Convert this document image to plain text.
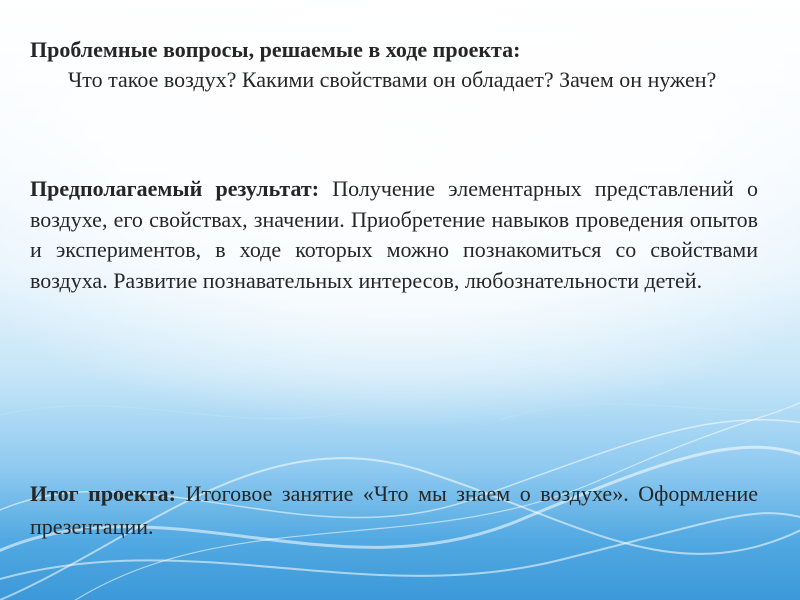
Проблемные вопросы, решаемые в ходе проекта:
Что такое воздух? Какими свойствами он обладает? Зачем он нужен?
Предполагаемый результат: Получение элементарных представлений о воздухе, его свойствах, значении. Приобретение навыков проведения опытов и экспериментов, в ходе которых можно познакомиться со свойствами воздуха. Развитие познавательных интересов, любознательности детей.
Итог проекта: Итоговое занятие «Что мы знаем о воздухе». Оформление презентации.
